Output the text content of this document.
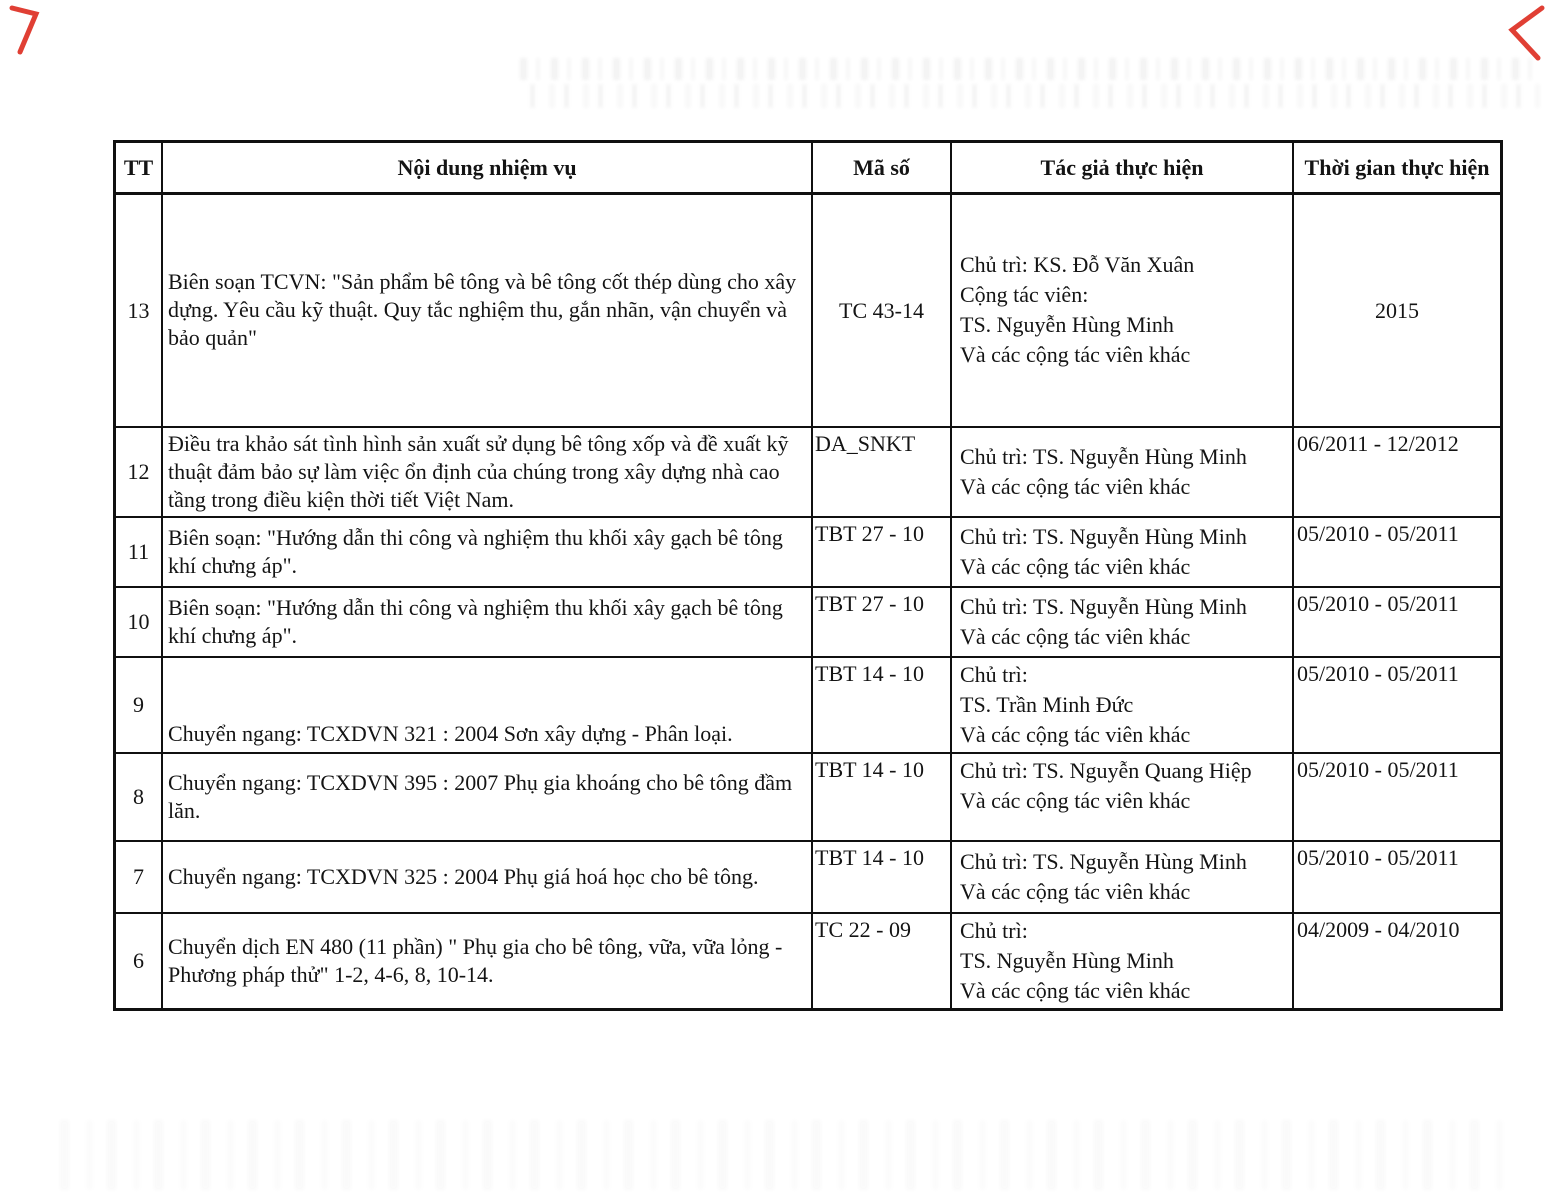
TT	Nội dung nhiệm vụ	Mã số	Tác giả thực hiện	Thời gian thực hiện
13	Biên soạn TCVN: "Sản phẩm bê tông và bê tông cốt thép dùng cho xây dựng. Yêu cầu kỹ thuật. Quy tắc nghiệm thu, gắn nhãn, vận chuyển và bảo quản"	TC 43-14	Chủ trì: KS. Đỗ Văn Xuân
Cộng tác viên:
TS. Nguyễn Hùng Minh
Và các cộng tác viên khác	2015
12	Điều tra khảo sát tình hình sản xuất sử dụng bê tông xốp và đề xuất kỹ thuật đảm bảo sự làm việc ổn định của chúng trong xây dựng nhà cao tầng trong điều kiện thời tiết Việt Nam.	DA_SNKT	Chủ trì: TS. Nguyễn Hùng Minh
Và các cộng tác viên khác	06/2011 - 12/2012
11	Biên soạn: "Hướng dẫn thi công và nghiệm thu khối xây gạch bê tông khí chưng áp".	TBT 27 - 10	Chủ trì: TS. Nguyễn Hùng Minh
Và các cộng tác viên khác	05/2010 - 05/2011
10	Biên soạn: "Hướng dẫn thi công và nghiệm thu khối xây gạch bê tông khí chưng áp".	TBT 27 - 10	Chủ trì: TS. Nguyễn Hùng Minh
Và các cộng tác viên khác	05/2010 - 05/2011
9	Chuyển ngang: TCXDVN 321 : 2004 Sơn xây dựng - Phân loại.	TBT 14 - 10	Chủ trì:
TS. Trần Minh Đức
Và các cộng tác viên khác	05/2010 - 05/2011
8	Chuyển ngang: TCXDVN 395 : 2007 Phụ gia khoáng cho bê tông đầm lăn.	TBT 14 - 10	Chủ trì: TS. Nguyễn Quang Hiệp
Và các cộng tác viên khác	05/2010 - 05/2011
7	Chuyển ngang: TCXDVN 325 : 2004 Phụ giá hoá học cho bê tông.	TBT 14 - 10	Chủ trì: TS. Nguyễn Hùng Minh
Và các cộng tác viên khác	05/2010 - 05/2011
6	Chuyển dịch EN 480 (11 phần) " Phụ gia cho bê tông, vữa, vữa lỏng - Phương pháp thử" 1-2, 4-6, 8, 10-14.	TC 22 - 09	Chủ trì:
TS. Nguyễn Hùng Minh
Và các cộng tác viên khác	04/2009 - 04/2010
